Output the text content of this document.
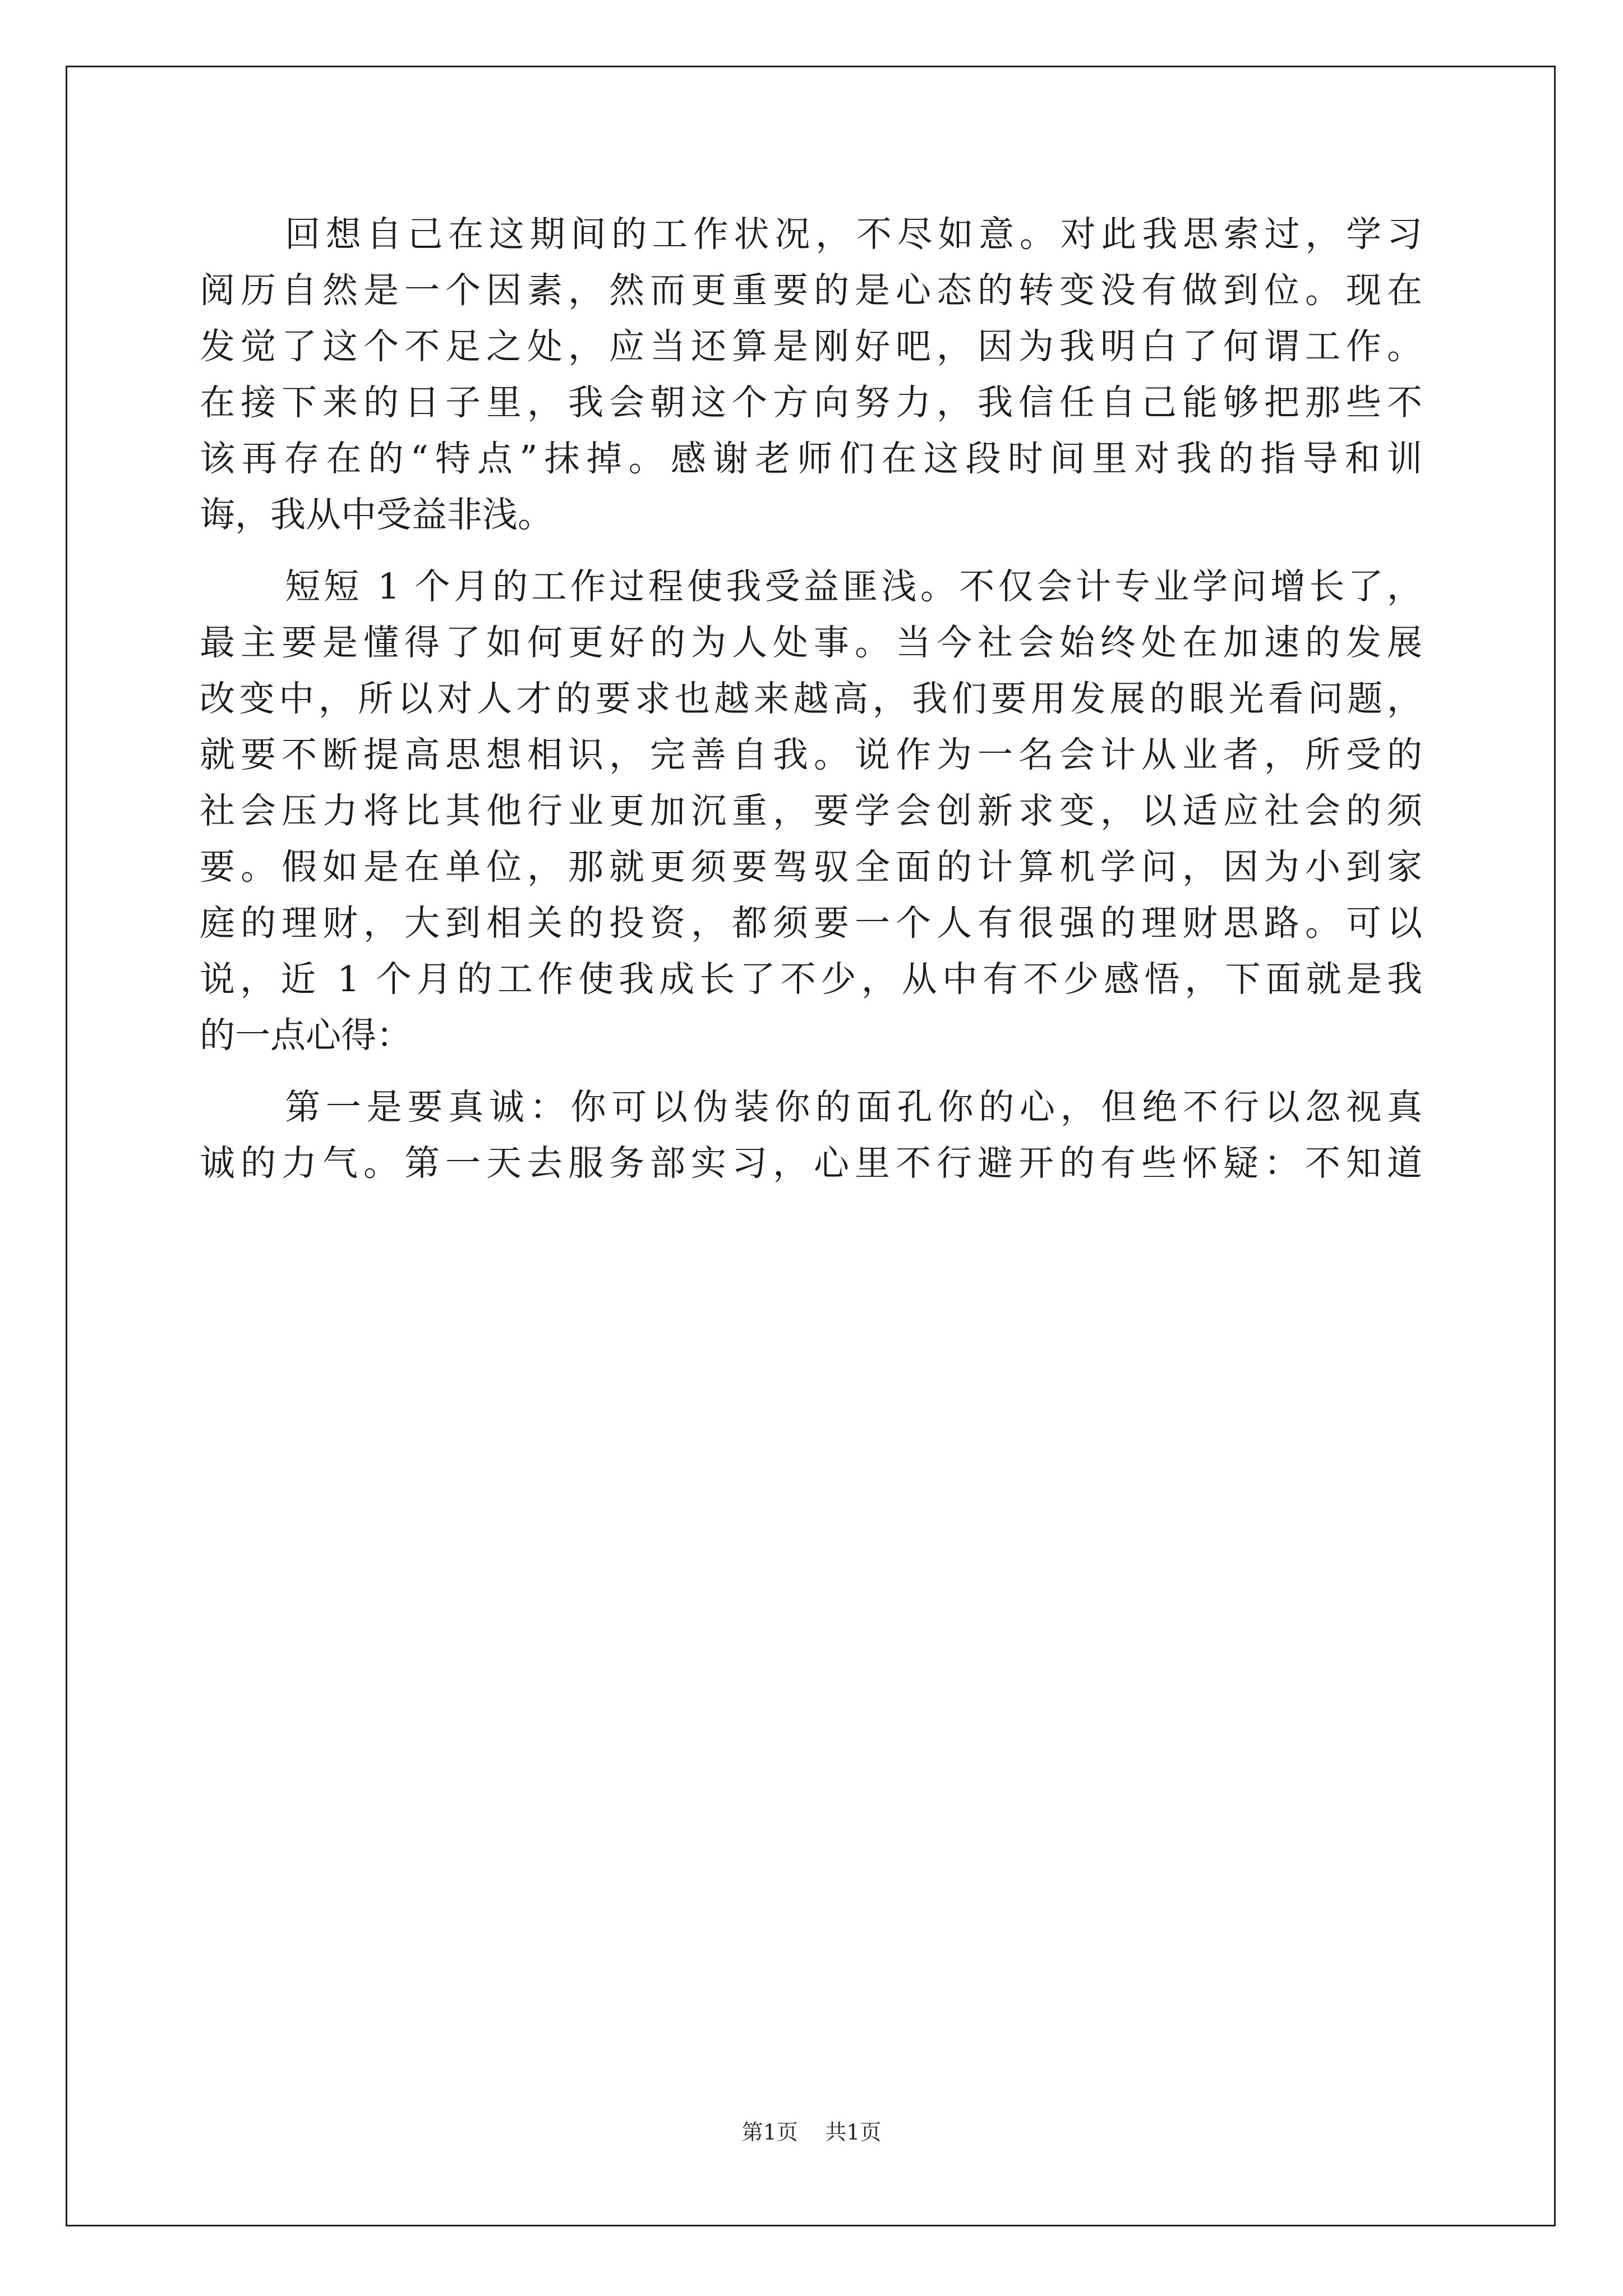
回想自己在这期间的工作状况，不尽如意。对此我思索过，学习
阅历自然是一个因素，然而更重要的是心态的转变没有做到位。现在
发觉了这个不足之处，应当还算是刚好吧，因为我明白了何谓工作。
在接下来的日子里，我会朝这个方向努力，我信任自己能够把那些不
该再存在的“特点”抹掉。感谢老师们在这段时间里对我的指导和训
诲，我从中受益非浅。
短短 1 个月的工作过程使我受益匪浅。不仅会计专业学问增长了，
最主要是懂得了如何更好的为人处事。当今社会始终处在加速的发展
改变中，所以对人才的要求也越来越高，我们要用发展的眼光看问题，
就要不断提高思想相识，完善自我。说作为一名会计从业者，所受的
社会压力将比其他行业更加沉重，要学会创新求变，以适应社会的须
要。假如是在单位，那就更须要驾驭全面的计算机学问，因为小到家
庭的理财，大到相关的投资，都须要一个人有很强的理财思路。可以
说，近 1 个月的工作使我成长了不少，从中有不少感悟，下面就是我
的一点心得：
第一是要真诚：你可以伪装你的面孔你的心，但绝不行以忽视真
诚的力气。第一天去服务部实习，心里不行避开的有些怀疑：不知道
第1页    共1页
